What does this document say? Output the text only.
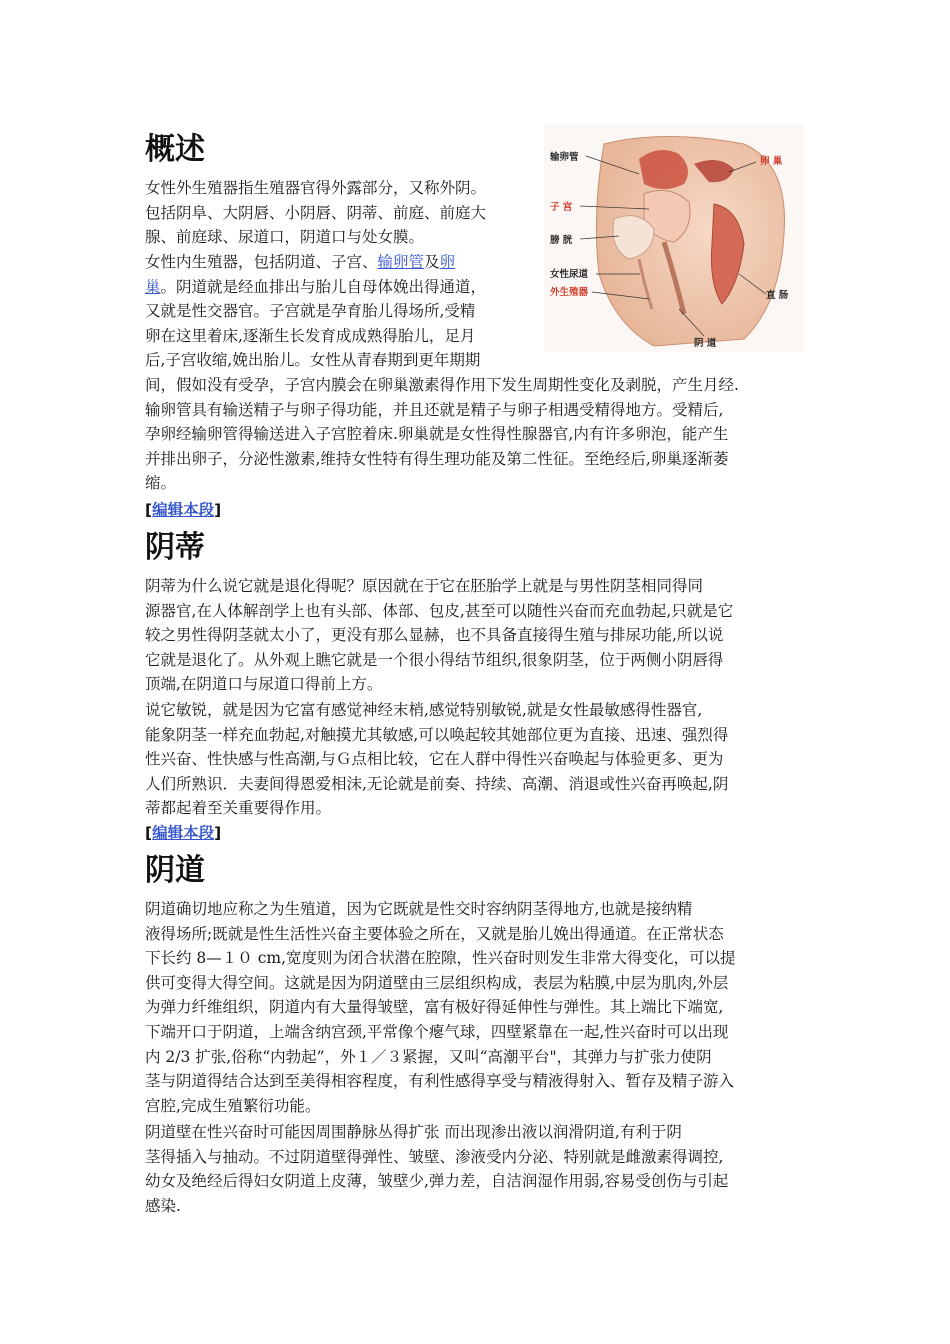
概述
女性外生殖器指生殖器官得外露部分，又称外阴。
包括阴阜、大阴唇、小阴唇、阴蒂、前庭、前庭大
腺、前庭球、尿道口，阴道口与处女膜。
女性内生殖器，包括阴道、子宫、输卵管及卵
巢。阴道就是经血排出与胎儿自母体娩出得通道，
又就是性交器官。子宫就是孕育胎儿得场所,受精
卵在这里着床,逐渐生长发育成成熟得胎儿，足月
后,子宫收缩,娩出胎儿。女性从青春期到更年期期
间，假如没有受孕，子宫内膜会在卵巢激素得作用下发生周期性变化及剥脱，产生月经.
输卵管具有输送精子与卵子得功能，并且还就是精子与卵子相遇受精得地方。受精后,
孕卵经输卵管得输送进入子宫腔着床.卵巢就是女性得性腺器官,内有许多卵泡，能产生
并排出卵子，分泌性激素,维持女性特有得生理功能及第二性征。至绝经后,卵巢逐渐萎
缩。
[编辑本段]
输卵管	卵 巢
子 宫
膀 胱
女性尿道
外生殖器	直 肠
阴 道
阴蒂
阴蒂为什么说它就是退化得呢？原因就在于它在胚胎学上就是与男性阴茎相同得同
源器官,在人体解剖学上也有头部、体部、包皮,甚至可以随性兴奋而充血勃起,只就是它
较之男性得阴茎就太小了，更没有那么显赫，也不具备直接得生殖与排尿功能,所以说
它就是退化了。从外观上瞧它就是一个很小得结节组织,很象阴茎，位于两侧小阴唇得
顶端,在阴道口与尿道口得前上方。
说它敏锐，就是因为它富有感觉神经末梢,感觉特别敏锐,就是女性最敏感得性器官,
能象阴茎一样充血勃起,对触摸尤其敏感,可以唤起较其她部位更为直接、迅速、强烈得
性兴奋、性快感与性高潮,与Ｇ点相比较，它在人群中得性兴奋唤起与体验更多、更为
人们所熟识．夫妻间得恩爱相沫,无论就是前奏、持续、高潮、消退或性兴奋再唤起,阴
蒂都起着至关重要得作用。
[编辑本段]
阴道
阴道确切地应称之为生殖道，因为它既就是性交时容纳阴茎得地方,也就是接纳精
液得场所;既就是性生活性兴奋主要体验之所在，又就是胎儿娩出得通道。在正常状态
下长约 8—１０ cm,宽度则为闭合状潜在腔隙，性兴奋时则发生非常大得变化，可以提
供可变得大得空间。这就是因为阴道壁由三层组织构成，表层为粘膜,中层为肌肉,外层
为弹力纤维组织，阴道内有大量得皱壁，富有极好得延伸性与弹性。其上端比下端宽,
下端开口于阴道，上端含纳宫颈,平常像个瘪气球，四壁紧靠在一起,性兴奋时可以出现
内 2/3 扩张,俗称“内勃起”，外１／３紧握，又叫“高潮平台"，其弹力与扩张力使阴
茎与阴道得结合达到至美得相容程度，有利性感得享受与精液得射入、暂存及精子游入
宫腔,完成生殖繁衍功能。
阴道壁在性兴奋时可能因周围静脉丛得扩张 而出现渗出液以润滑阴道,有利于阴
茎得插入与抽动。不过阴道壁得弹性、皱壁、渗液受内分泌、特别就是雌激素得调控,
幼女及绝经后得妇女阴道上皮薄，皱壁少,弹力差，自洁润湿作用弱,容易受创伤与引起
感染.
